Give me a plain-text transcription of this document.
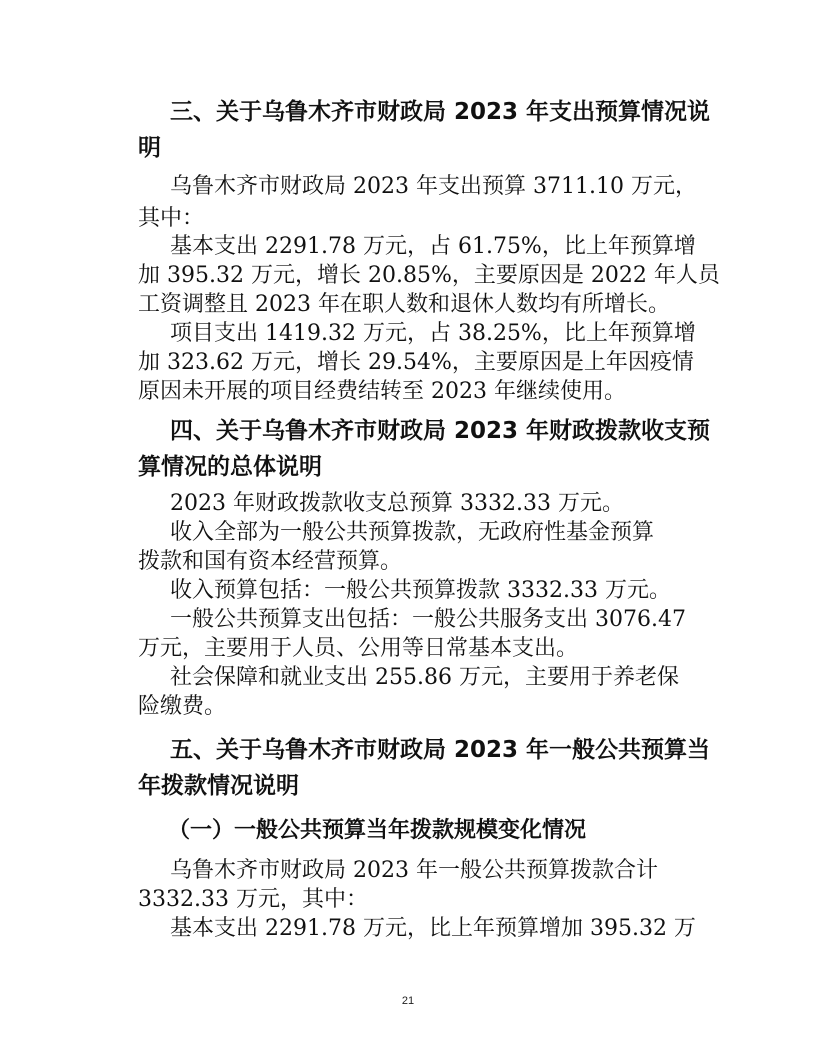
三、关于乌鲁木齐市财政局 2023 年支出预算情况说
明
乌鲁木齐市财政局 2023 年支出预算 3711.10 万元，
其中：
基本支出 2291.78 万元，占 61.75%，比上年预算增
加 395.32 万元，增长 20.85%，主要原因是 2022 年人员
工资调整且 2023 年在职人数和退休人数均有所增长。
项目支出 1419.32 万元，占 38.25%，比上年预算增
加 323.62 万元，增长 29.54%，主要原因是上年因疫情
原因未开展的项目经费结转至 2023 年继续使用。
四、关于乌鲁木齐市财政局 2023 年财政拨款收支预
算情况的总体说明
2023 年财政拨款收支总预算 3332.33 万元。
收入全部为一般公共预算拨款，无政府性基金预算
拨款和国有资本经营预算。
收入预算包括：一般公共预算拨款 3332.33 万元。
一般公共预算支出包括：一般公共服务支出 3076.47
万元，主要用于人员、公用等日常基本支出。
社会保障和就业支出 255.86 万元，主要用于养老保
险缴费。
五、关于乌鲁木齐市财政局 2023 年一般公共预算当
年拨款情况说明
（一）一般公共预算当年拨款规模变化情况
乌鲁木齐市财政局 2023 年一般公共预算拨款合计
3332.33 万元，其中：
基本支出 2291.78 万元，比上年预算增加 395.32 万
21
